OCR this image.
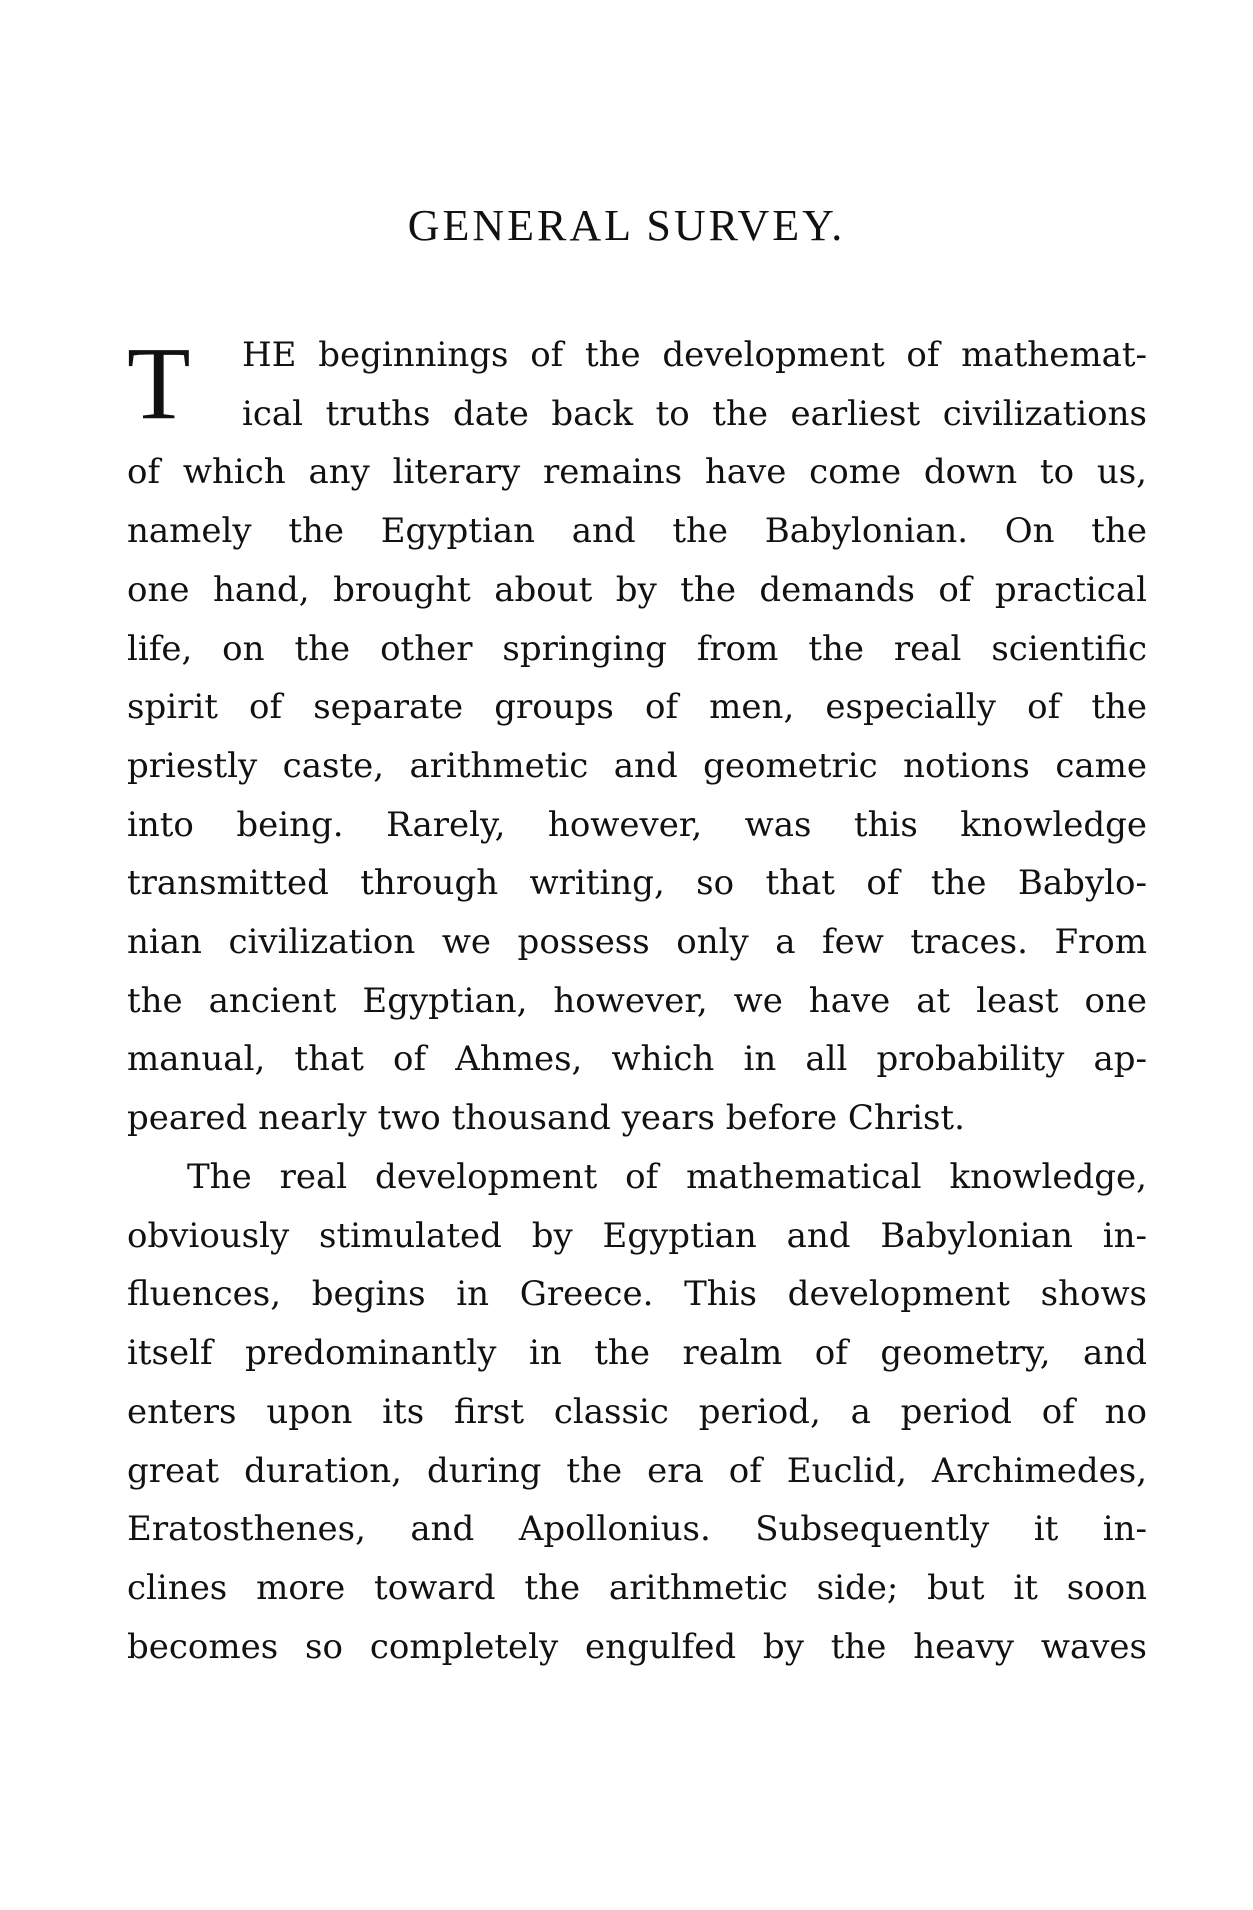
GENERAL SURVEY.
T	HE beginnings of the development of mathemat-
ical truths date back to the earliest civilizations
of which any literary remains have come down to us,
namely the Egyptian and the Babylonian. On the
one hand, brought about by the demands of practical
life, on the other springing from the real scientific
spirit of separate groups of men, especially of the
priestly caste, arithmetic and geometric notions came
into being. Rarely, however, was this knowledge
transmitted through writing, so that of the Babylo-
nian civilization we possess only a few traces. From
the ancient Egyptian, however, we have at least one
manual, that of Ahmes, which in all probability ap-
peared nearly two thousand years before Christ.
The real development of mathematical knowledge,
obviously stimulated by Egyptian and Babylonian in-
fluences, begins in Greece. This development shows
itself predominantly in the realm of geometry, and
enters upon its first classic period, a period of no
great duration, during the era of Euclid, Archimedes,
Eratosthenes, and Apollonius. Subsequently it in-
clines more toward the arithmetic side; but it soon
becomes so completely engulfed by the heavy waves
